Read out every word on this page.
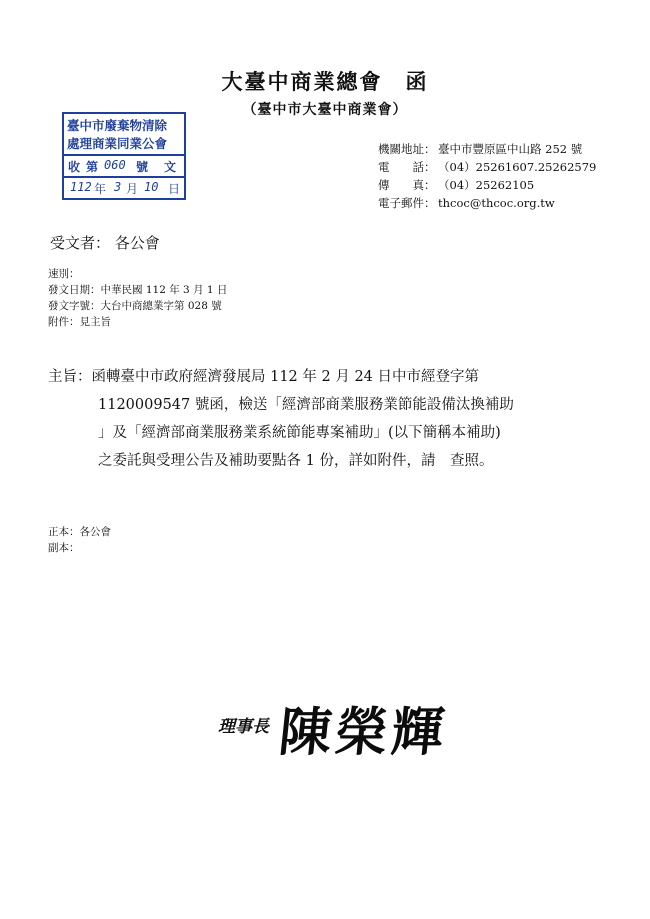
大臺中商業總會　函
（臺中市大臺中商業會）
臺中市廢棄物清除
處理商業同業公會
收 第 060 號 文
112 年 3 月 10 日
機關地址： 臺中市豐原區中山路 252 號
電　　話： （04）25261607.25262579
傳　　真： （04）25262105
電子郵件： thcoc@thcoc.org.tw
受文者： 各公會
速別：
發文日期：中華民國 112 年 3 月 1 日
發文字號：大台中商總業字第 028 號
附件：見主旨
主旨：函轉臺中市政府經濟發展局 112 年 2 月 24 日中市經登字第
1120009547 號函，檢送「經濟部商業服務業節能設備汰換補助
」及「經濟部商業服務業系統節能專案補助」(以下簡稱本補助)
之委託與受理公告及補助要點各 1 份，詳如附件，請　查照。
正本：各公會
副本：
理事長 陳榮輝
